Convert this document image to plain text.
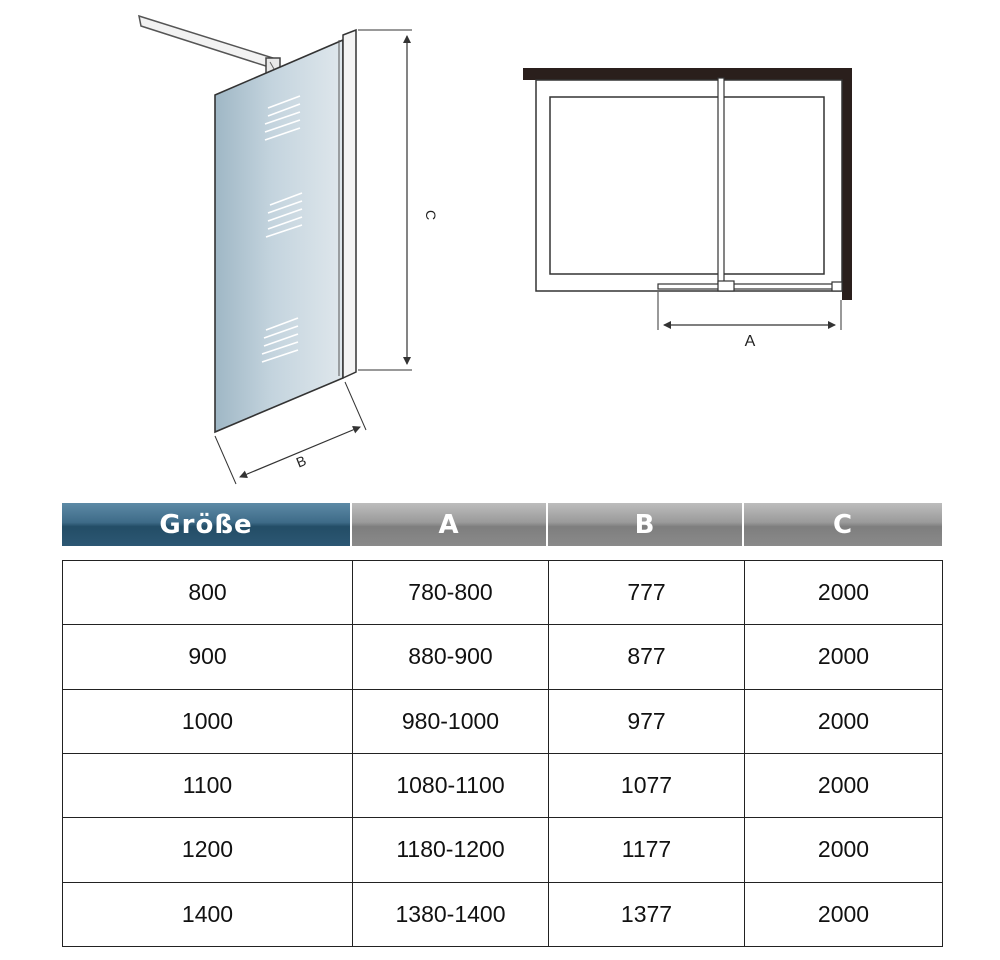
C
B
A
Größe	A	B	C
800	780-800	777	2000
900	880-900	877	2000
1000	980-1000	977	2000
1100	1080-1100	1077	2000
1200	1180-1200	1177	2000
1400	1380-1400	1377	2000
